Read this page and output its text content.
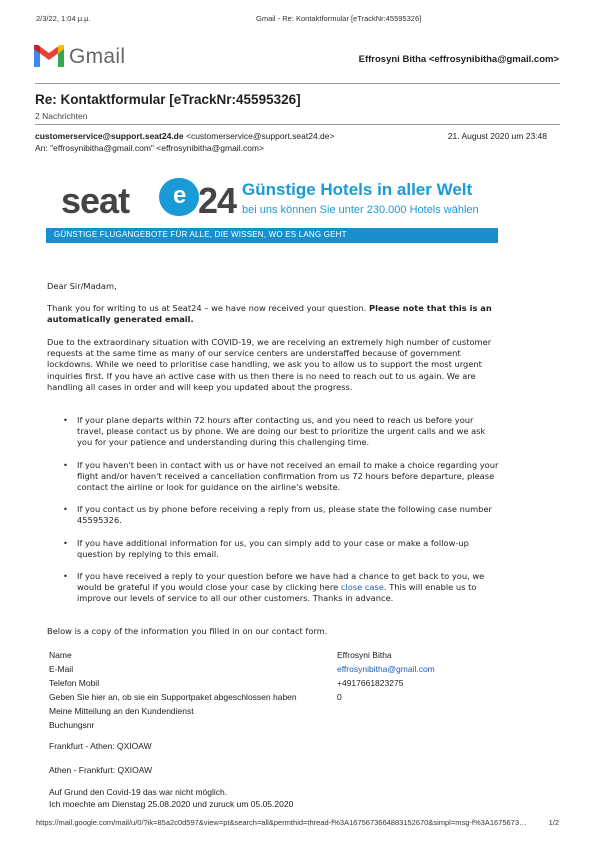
2/3/22, 1:04 μ.μ.	Gmail - Re: Kontaktformular [eTrackNr:45595326]
Gmail	Effrosyni Bitha <effrosynibitha@gmail.com>
Re: Kontaktformular [eTrackNr:45595326]
2 Nachrichten
customerservice@support.seat24.de <customerservice@support.seat24.de>	21. August 2020 um 23:48
An: "effrosynibitha@gmail.com" <effrosynibitha@gmail.com>
seat e 24 Günstige Hotels in aller Welt
bei uns können Sie unter 230.000 Hotels wählen
GÜNSTIGE FLUGANGEBOTE FÜR ALLE, DIE WISSEN, WO ES LANG GEHT
Dear Sir/Madam,
Thank you for writing to us at Seat24 – we have now received your question. Please note that this is an automatically generated email.
Due to the extraordinary situation with COVID-19, we are receiving an extremely high number of customer requests at the same time as many of our service centers are understaffed because of government lockdowns. While we need to prioritise case handling, we ask you to allow us to support the most urgent inquiries first. If you have an active case with us then there is no need to reach out to us again. We are handling all cases in order and will keep you updated about the progress.
• If your plane departs within 72 hours after contacting us, and you need to reach us before your travel, please contact us by phone. We are doing our best to prioritize the urgent calls and we ask you for your patience and understanding during this challenging time.
• If you haven't been in contact with us or have not received an email to make a choice regarding your flight and/or haven't received a cancellation confirmation from us 72 hours before departure, please contact the airline or look for guidance on the airline's website.
• If you contact us by phone before receiving a reply from us, please state the following case number 45595326.
• If you have additional information for us, you can simply add to your case or make a follow-up question by replying to this email.
• If you have received a reply to your question before we have had a chance to get back to you, we would be grateful if you would close your case by clicking here close case. This will enable us to improve our levels of service to all our other customers. Thanks in advance.
Below is a copy of the information you filled in on our contact form.
Name	Effrosyni Bitha
E-Mail	effrosynibitha@gmail.com
Telefon Mobil	+4917661823275
Geben Sie hier an, ob sie ein Supportpaket abgeschlossen haben	0
Meine Mitteilung an den Kundendienst
Buchungsnr
Frankfurt - Athen: QXIOAW
Athen - Frankfurt: QXIOAW
Auf Grund den Covid-19 das war nicht möglich.
Ich moechte am Dienstag 25.08.2020 und zuruck um 05.05.2020
https://mail.google.com/mail/u/0/?ik=85a2c0d597&view=pt&search=all&permthid=thread-f%3A1675673664883152670&simpl=msg-f%3A1675673…	1/2
